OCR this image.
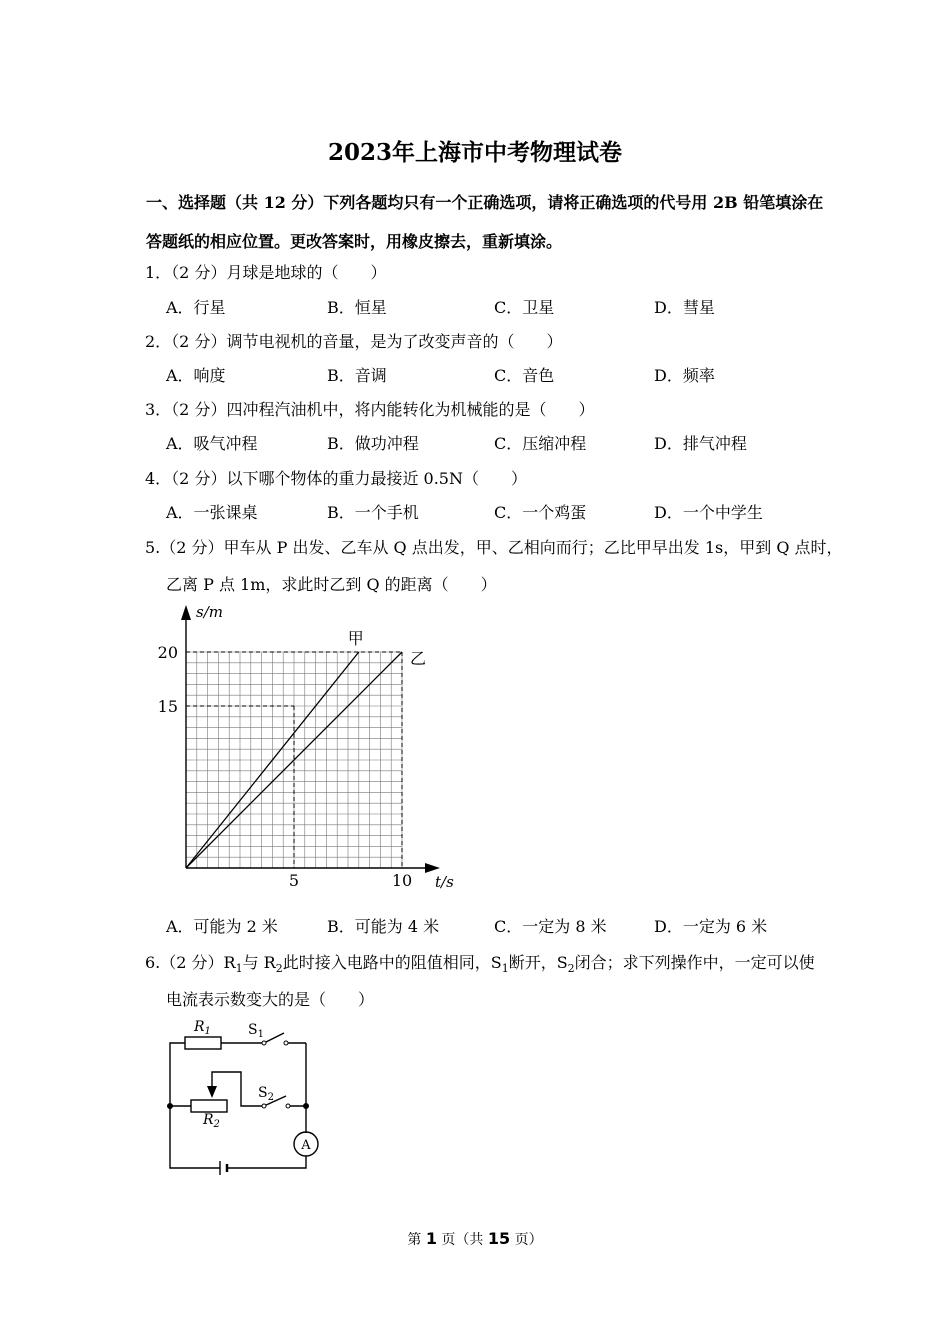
2023年上海市中考物理试卷
一、选择题（共 12 分）下列各题均只有一个正确选项，请将正确选项的代号用 2B 铅笔填涂在
答题纸的相应位置。更改答案时，用橡皮擦去，重新填涂。
1．（2 分）月球是地球的（　　）
A．行星	B．恒星	C．卫星	D．彗星
2．（2 分）调节电视机的音量，是为了改变声音的（　　）
A．响度	B．音调	C．音色	D．频率
3．（2 分）四冲程汽油机中，将内能转化为机械能的是（　　）
A．吸气冲程	B．做功冲程	C．压缩冲程	D．排气冲程
4．（2 分）以下哪个物体的重力最接近 0.5N（　　）
A．一张课桌	B．一个手机	C．一个鸡蛋	D．一个中学生
5.（2 分）甲车从 P 出发、乙车从 Q 点出发，甲、乙相向而行；乙比甲早出发 1s，甲到 Q 点时，
乙离 P 点 1m，求此时乙到 Q 的距离（　　）
甲
乙
20
15
5	10
s/m
t/s
A．可能为 2 米	B．可能为 4 米	C．一定为 8 米	D．一定为 6 米
6.（2 分）$R_1$与 $R_2$此时接入电路中的阻值相同，$S_1$断开，$S_2$闭合；求下列操作中，一定可以使
电流表示数变大的是（　　）
$R_1$	$S_1$
$S_2$
$R_2$
A
第 1 页（共 15 页）
